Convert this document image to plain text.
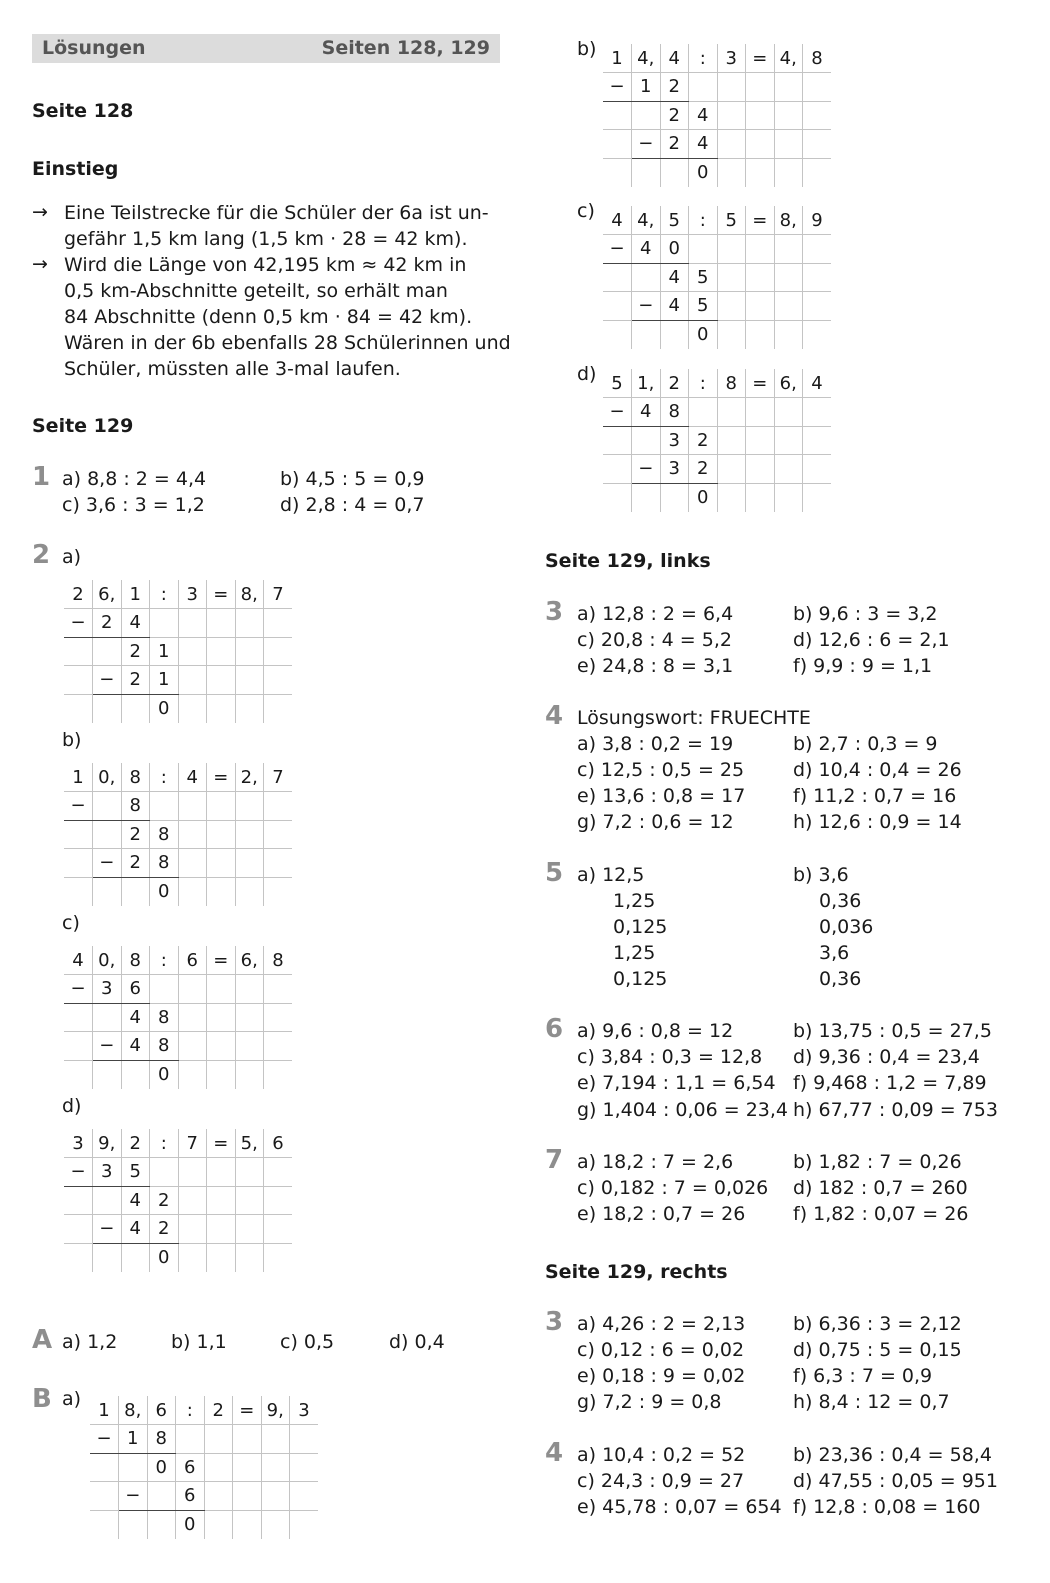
Lösungen	Seiten 128, 129
Seite 128
Einstieg
→ Eine Teilstrecke für die Schüler der 6a ist un-
gefähr 1,5 km lang (1,5 km · 28 = 42 km).
→ Wird die Länge von 42,195 km ≈ 42 km in
0,5 km-Abschnitte geteilt, so erhält man
84 Abschnitte (denn 0,5 km · 84 = 42 km).
Wären in der 6b ebenfalls 28 Schülerinnen und
Schüler, müssten alle 3-mal laufen.
Seite 129
1 a) 8,8 : 2 = 4,4	b) 4,5 : 5 = 0,9
c) 3,6 : 3 = 1,2	d) 2,8 : 4 = 0,7
2 a)
2	6,	1	:	3	=	8,	7
−	2	4					
		2	1				
	−	2	1				
			0				
b)
1	0,	8	:	4	=	2,	7
−		8					
		2	8				
	−	2	8				
			0				
c)
4	0,	8	:	6	=	6,	8
−	3	6					
		4	8				
	−	4	8				
			0				
d)
3	9,	2	:	7	=	5,	6
−	3	5					
		4	2				
	−	4	2				
			0				
A a) 1,2	b) 1,1	c) 0,5	d) 0,4
B a) 1	8,	6	:	2	=	9,	3
−	1	8					
		0	6				
	−		6				
			0				
b) 1	4,	4	:	3	=	4,	8
−	1	2					
		2	4				
	−	2	4				
			0				
c) 4	4,	5	:	5	=	8,	9
−	4	0					
		4	5				
	−	4	5				
			0				
d) 5	1,	2	:	8	=	6,	4
−	4	8					
		3	2				
	−	3	2				
			0				
Seite 129, links
3 a) 12,8 : 2 = 6,4	b) 9,6 : 3 = 3,2
c) 20,8 : 4 = 5,2	d) 12,6 : 6 = 2,1
e) 24,8 : 8 = 3,1	f) 9,9 : 9 = 1,1
4 Lösungswort: FRUECHTE
a) 3,8 : 0,2 = 19	b) 2,7 : 0,3 = 9
c) 12,5 : 0,5 = 25	d) 10,4 : 0,4 = 26
e) 13,6 : 0,8 = 17	f) 11,2 : 0,7 = 16
g) 7,2 : 0,6 = 12	h) 12,6 : 0,9 = 14
5 a) 12,5
1,25
0,125
1,25
0,125
b) 3,6
0,36
0,036
3,6
0,36
6 a) 9,6 : 0,8 = 12	b) 13,75 : 0,5 = 27,5
c) 3,84 : 0,3 = 12,8 d) 9,36 : 0,4 = 23,4
e) 7,194 : 1,1 = 6,54 f) 9,468 : 1,2 = 7,89
g) 1,404 : 0,06 = 23,4 h) 67,77 : 0,09 = 753
7 a) 18,2 : 7 = 2,6	b) 1,82 : 7 = 0,26
c) 0,182 : 7 = 0,026 d) 182 : 0,7 = 260
e) 18,2 : 0,7 = 26	f) 1,82 : 0,07 = 26
Seite 129, rechts
3 a) 4,26 : 2 = 2,13	b) 6,36 : 3 = 2,12
c) 0,12 : 6 = 0,02	d) 0,75 : 5 = 0,15
e) 0,18 : 9 = 0,02	f) 6,3 : 7 = 0,9
g) 7,2 : 9 = 0,8	h) 8,4 : 12 = 0,7
4 a) 10,4 : 0,2 = 52	b) 23,36 : 0,4 = 58,4
c) 24,3 : 0,9 = 27	d) 47,55 : 0,05 = 951
e) 45,78 : 0,07 = 654 f) 12,8 : 0,08 = 160
